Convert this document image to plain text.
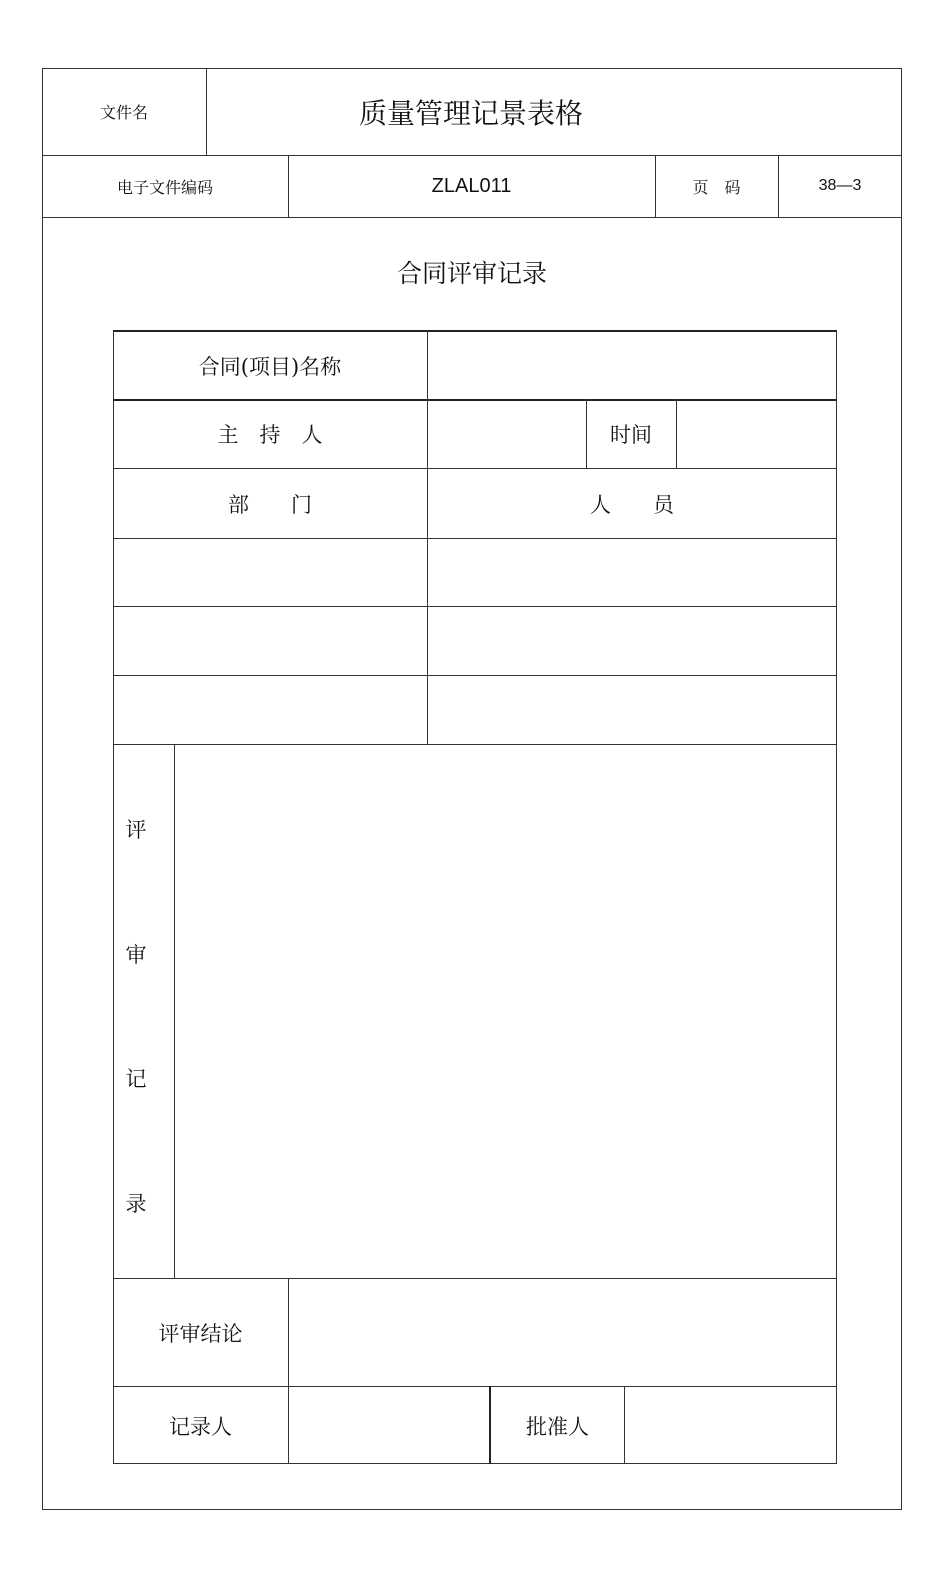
文件名	质量管理记景表格
电子文件编码	ZLAL011	页　码	38—3
合同评审记录
合同(项目)名称
主　持　人	时间
部　　门	人　　员
评
审
记
录
评审结论
记录人	批准人
